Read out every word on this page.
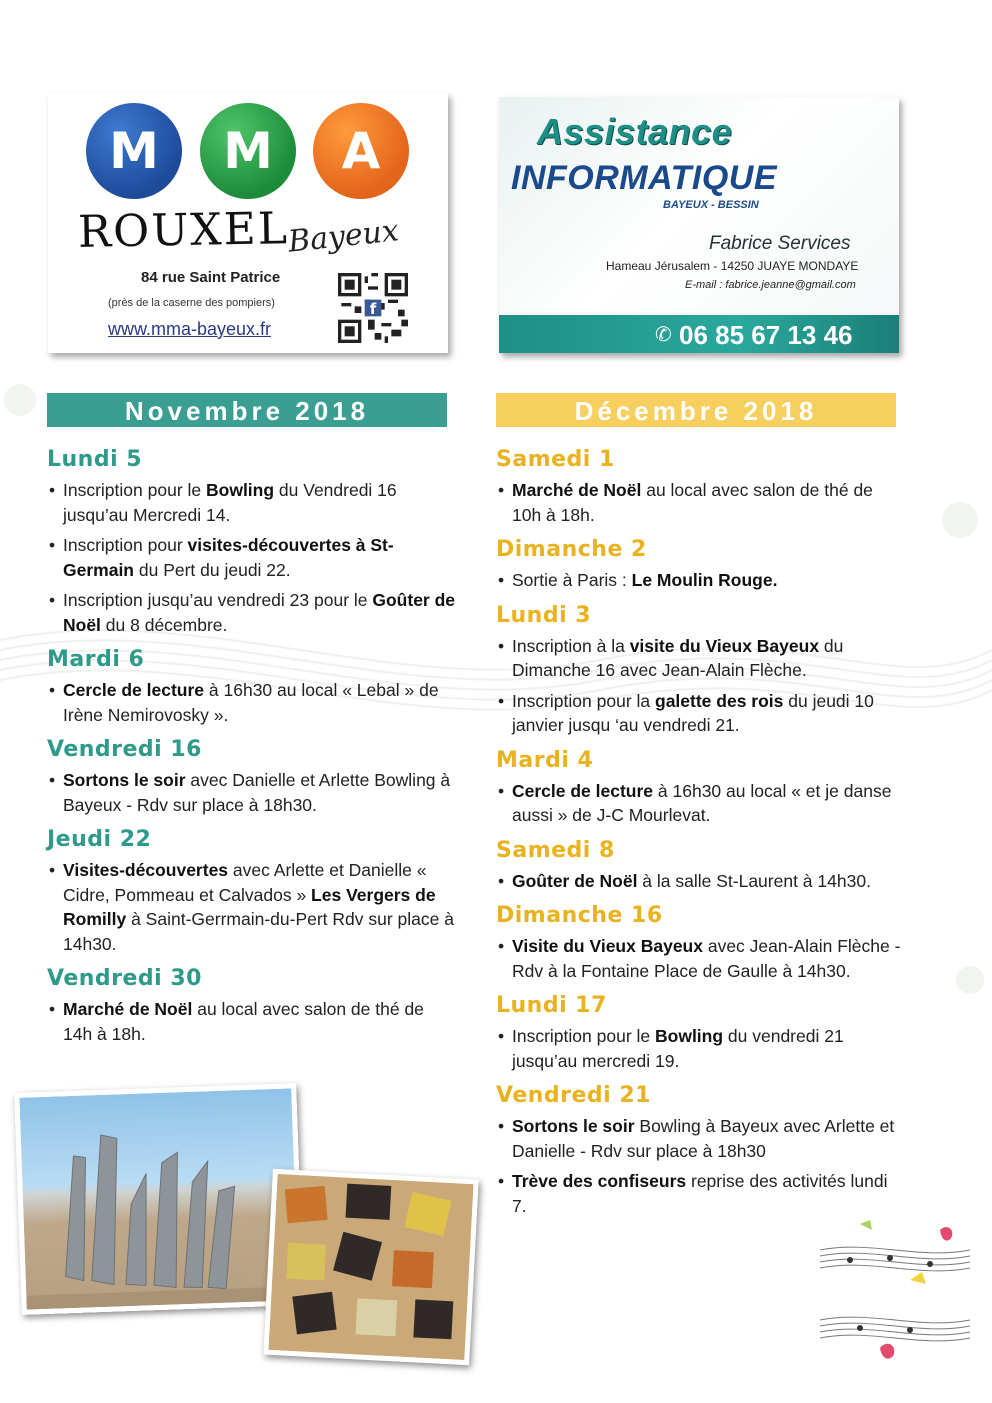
M	M	A
ROUXEL
Bayeux
84 rue Saint Patrice
(près de la caserne des pompiers)
www.mma-bayeux.fr
f
Assistance
INFORMATIQUE
BAYEUX - BESSIN
Fabrice Services
Hameau Jérusalem - 14250 JUAYE MONDAYE
E-mail : fabrice.jeanne@gmail.com
✆ 06 85 67 13 46
Novembre 2018	Décembre 2018
Lundi 5
• Inscription pour le Bowling du Vendredi 16 jusqu’au Mercredi 14.
• Inscription pour visites-découvertes à St-Germain du Pert du jeudi 22.
• Inscription jusqu’au vendredi 23 pour le Goûter de Noël du 8 décembre.
Mardi 6
• Cercle de lecture à 16h30 au local « Lebal » de Irène Nemirovosky ».
Vendredi 16
• Sortons le soir avec Danielle et Arlette Bowling à Bayeux - Rdv sur place à 18h30.
Jeudi 22
• Visites-découvertes avec Arlette et Danielle « Cidre, Pommeau et Calvados » Les Vergers de Romilly à Saint-Gerrmain-du-Pert Rdv sur place à 14h30.
Vendredi 30
• Marché de Noël au local avec salon de thé de 14h à 18h.
Samedi 1
• Marché de Noël au local avec salon de thé de 10h à 18h.
Dimanche 2
• Sortie à Paris : Le Moulin Rouge.
Lundi 3
• Inscription à la visite du Vieux Bayeux du Dimanche 16 avec Jean-Alain Flèche.
• Inscription pour la galette des rois du jeudi 10 janvier jusqu ‘au vendredi 21.
Mardi 4
• Cercle de lecture à 16h30 au local « et je danse aussi » de J-C Mourlevat.
Samedi 8
• Goûter de Noël à la salle St-Laurent à 14h30.
Dimanche 16
• Visite du Vieux Bayeux avec Jean-Alain Flèche - Rdv à la Fontaine Place de Gaulle à 14h30.
Lundi 17
• Inscription pour le Bowling du vendredi 21 jusqu’au mercredi 19.
Vendredi 21
• Sortons le soir Bowling à Bayeux avec Arlette et Danielle - Rdv sur place à 18h30
• Trève des confiseurs reprise des activités lundi 7.
